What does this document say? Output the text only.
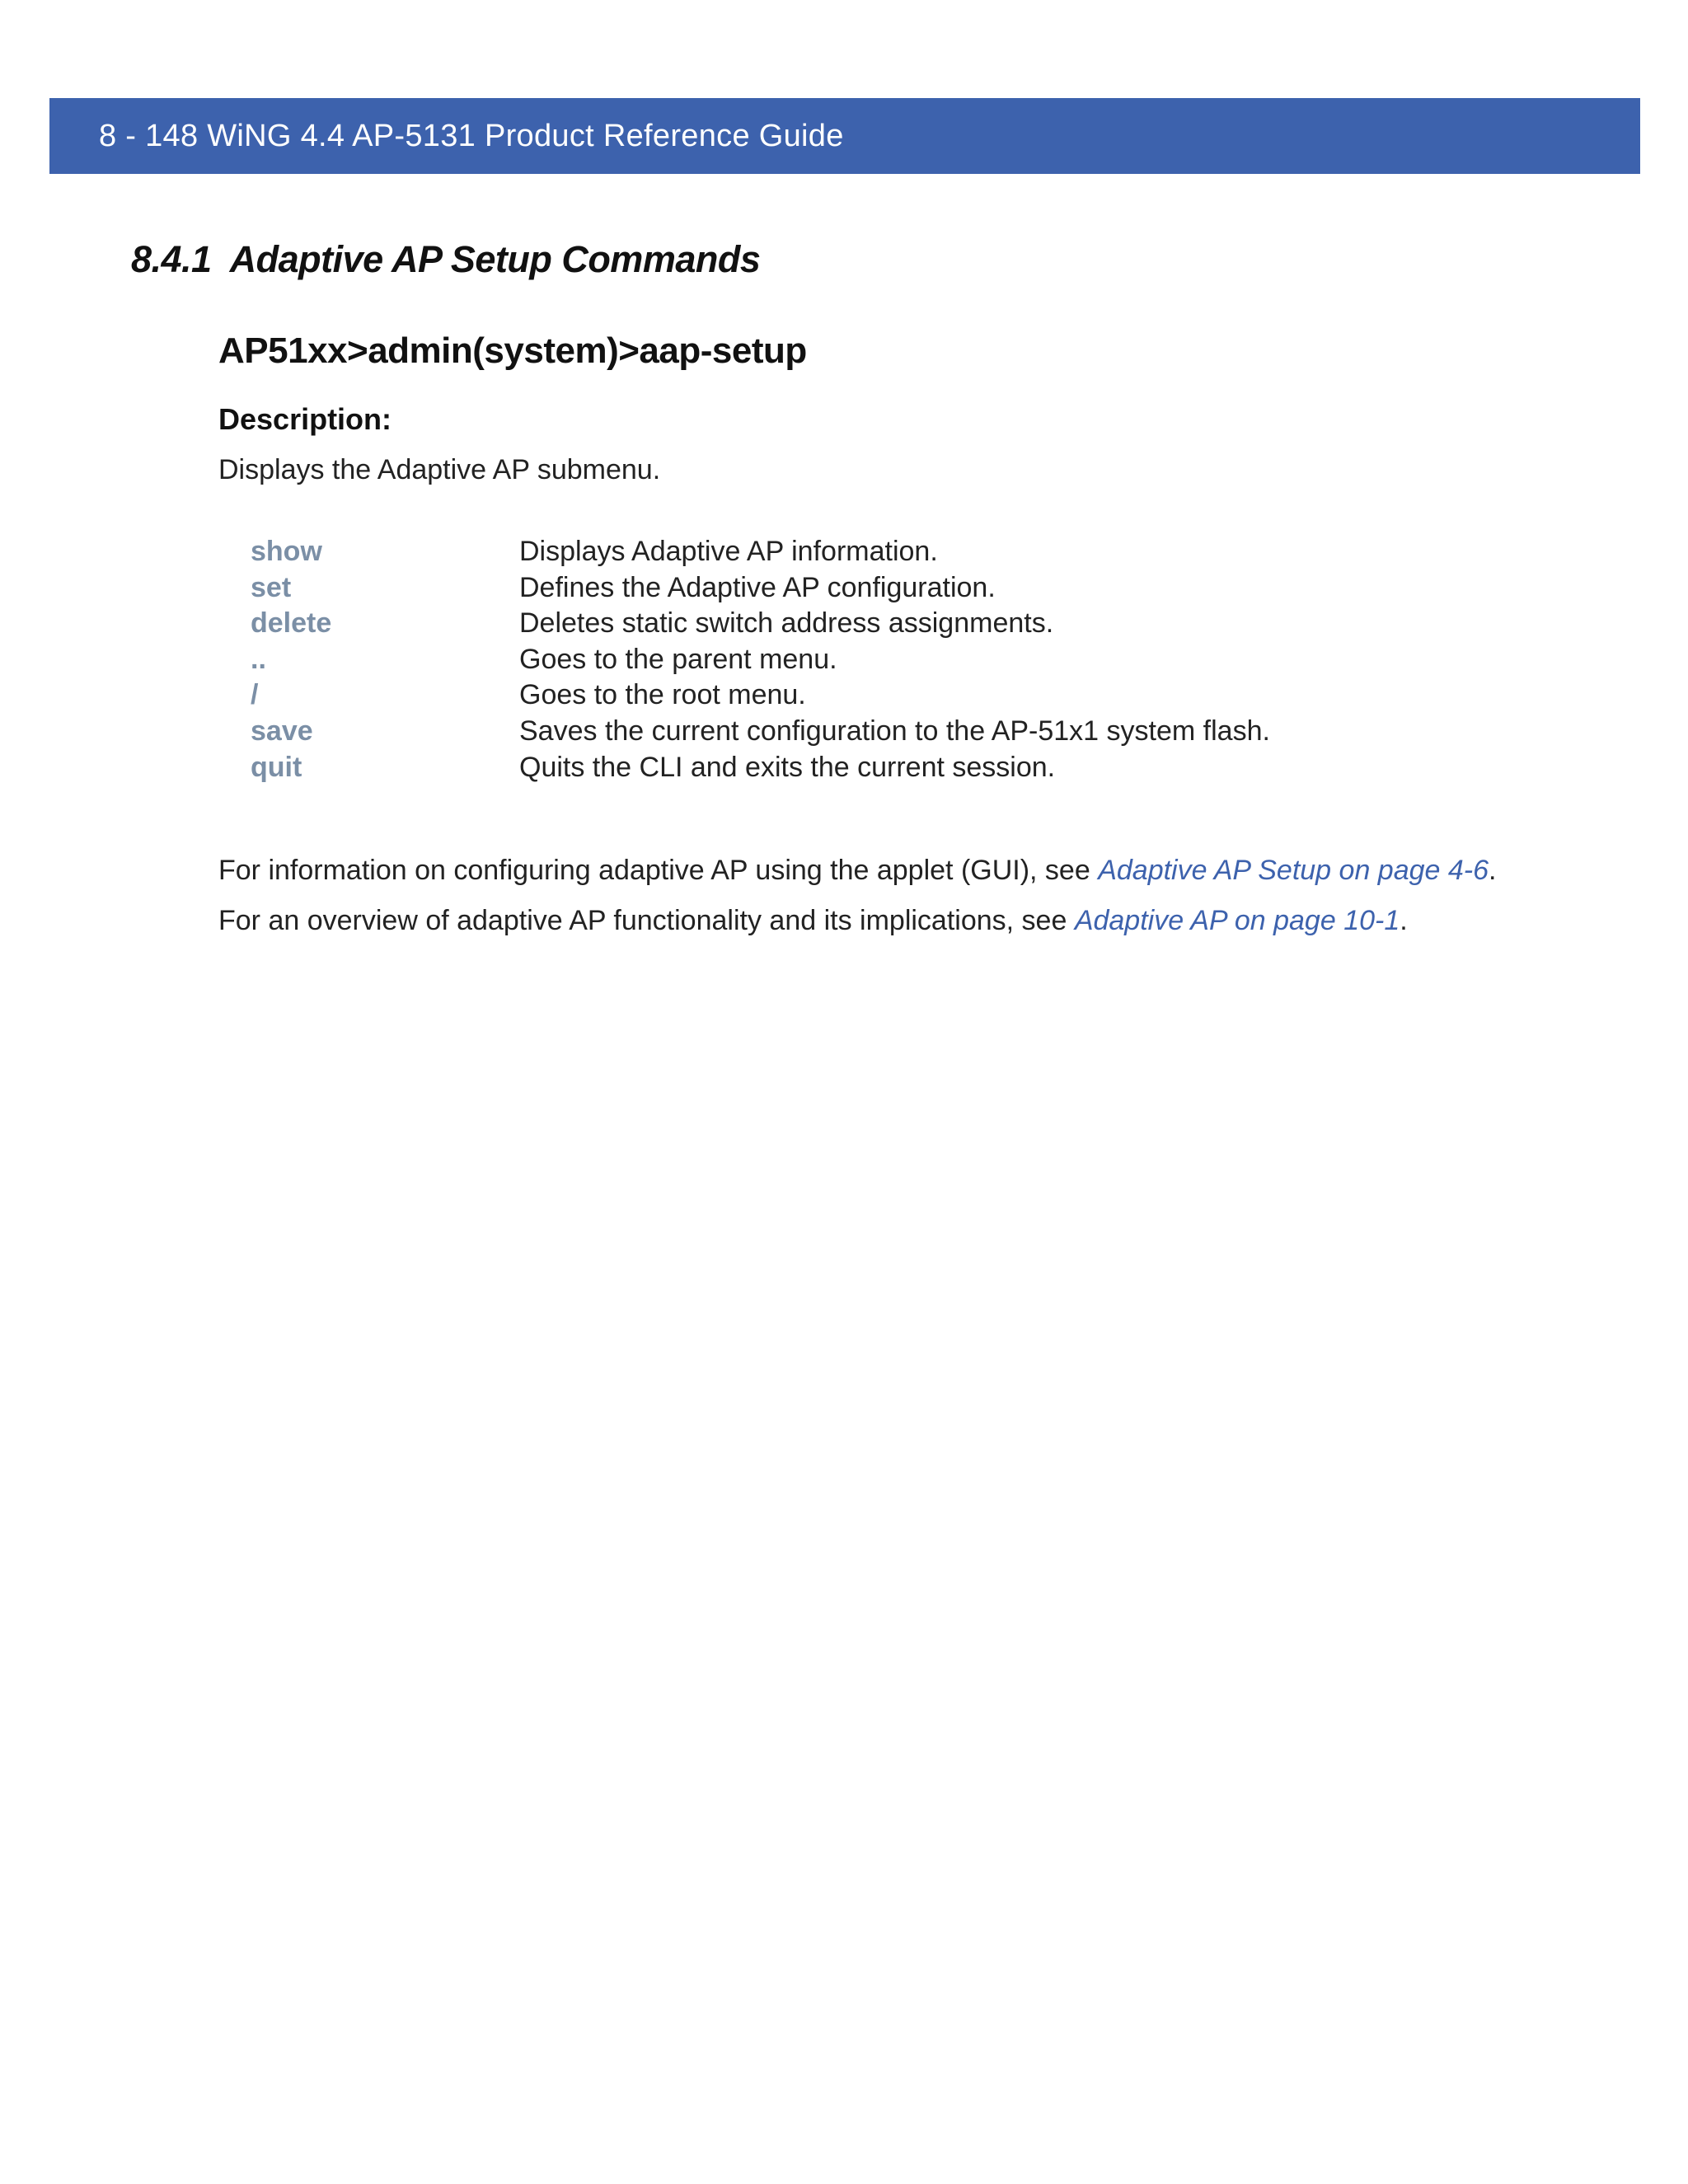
8 - 148 WiNG 4.4 AP-5131 Product Reference Guide
8.4.1 Adaptive AP Setup Commands
AP51xx>admin(system)>aap-setup
Description:
Displays the Adaptive AP submenu.
show	Displays Adaptive AP information.
set	Defines the Adaptive AP configuration.
delete	Deletes static switch address assignments.
..	Goes to the parent menu.
/	Goes to the root menu.
save	Saves the current configuration to the AP-51x1 system flash.
quit	Quits the CLI and exits the current session.
For information on configuring adaptive AP using the applet (GUI), see Adaptive AP Setup on page 4-6.
For an overview of adaptive AP functionality and its implications, see Adaptive AP on page 10-1.
